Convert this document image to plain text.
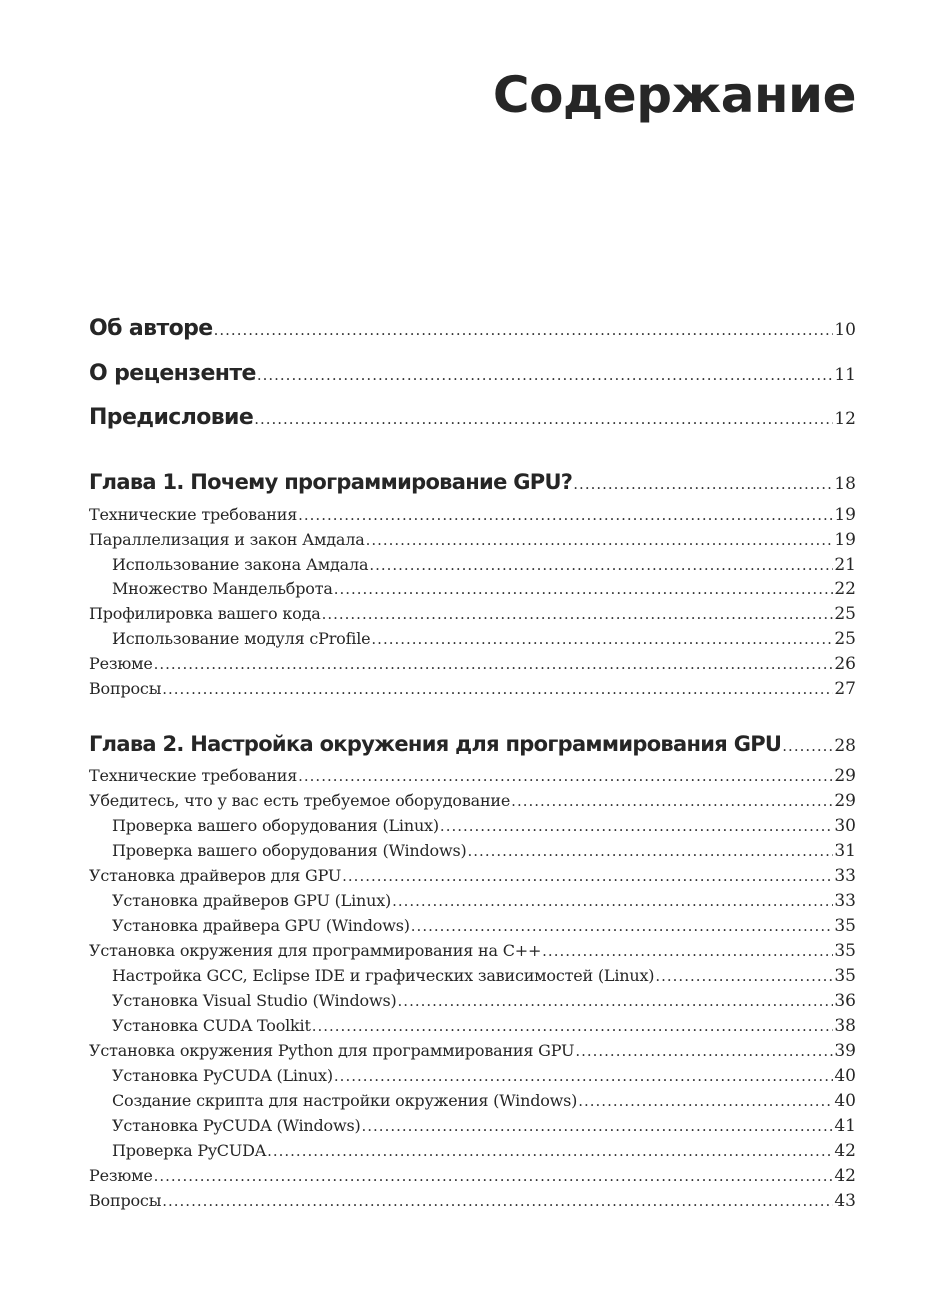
Содержание
Об авторе .....	10
О рецензенте .....	11
Предисловие .....	12
Глава 1. Почему программирование GPU? .....	18
Технические требования .....	19
Параллелизация и закон Амдала .....	19
Использование закона Амдала .....	21
Множество Мандельброта .....	22
Профилировка вашего кода .....	25
Использование модуля cProfile .....	25
Резюме .....	26
Вопросы .....	27
Глава 2. Настройка окружения для программирования GPU .....	28
Технические требования .....	29
Убедитесь, что у вас есть требуемое оборудование .....	29
Проверка вашего оборудования (Linux) .....	30
Проверка вашего оборудования (Windows) .....	31
Установка драйверов для GPU .....	33
Установка драйверов GPU (Linux) .....	33
Установка драйвера GPU (Windows) .....	35
Установка окружения для программирования на C++ .....	35
Настройка GCC, Eclipse IDE и графических зависимостей (Linux) .....	35
Установка Visual Studio (Windows) .....	36
Установка CUDA Toolkit .....	38
Установка окружения Python для программирования GPU .....	39
Установка PyCUDA (Linux) .....	40
Создание скрипта для настройки окружения (Windows) .....	40
Установка PyCUDA (Windows) .....	41
Проверка PyCUDA .....	42
Резюме .....	42
Вопросы .....	43
